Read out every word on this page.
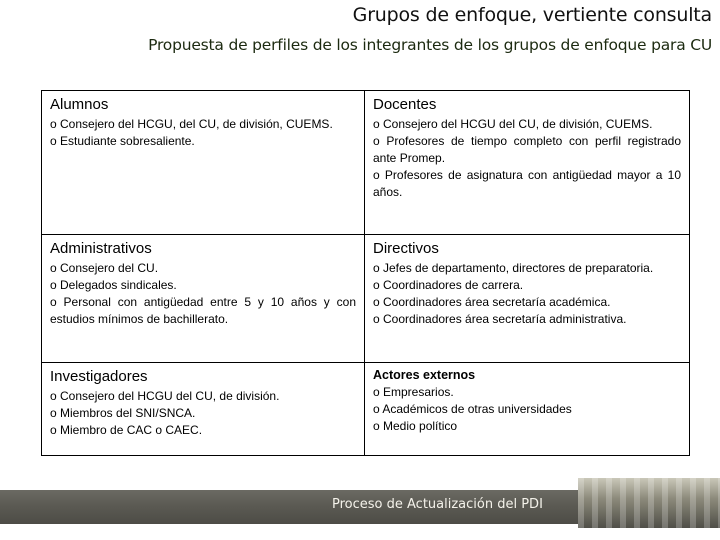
Grupos de enfoque, vertiente consulta
Propuesta de perfiles de los integrantes de los grupos de enfoque para CU
Alumnos
o Consejero del HCGU, del CU, de división, CUEMS.
o Estudiante sobresaliente.
Docentes
o Consejero del HCGU del CU, de división, CUEMS.
o Profesores de tiempo completo con perfil registrado ante Promep.
o Profesores de asignatura con antigüedad mayor a 10 años.
Administrativos
o Consejero del CU.
o Delegados sindicales.
o Personal con antigüedad entre 5 y 10 años y con estudios mínimos de bachillerato.
Directivos
o Jefes de departamento, directores de preparatoria.
o Coordinadores de carrera.
o Coordinadores área secretaría académica.
o Coordinadores área secretaría administrativa.
Investigadores
o Consejero del HCGU del CU, de división.
o Miembros del SNI/SNCA.
o Miembro de CAC o CAEC.
Actores externos
o Empresarios.
o Académicos de otras universidades
o Medio político
Proceso de Actualización del PDI
